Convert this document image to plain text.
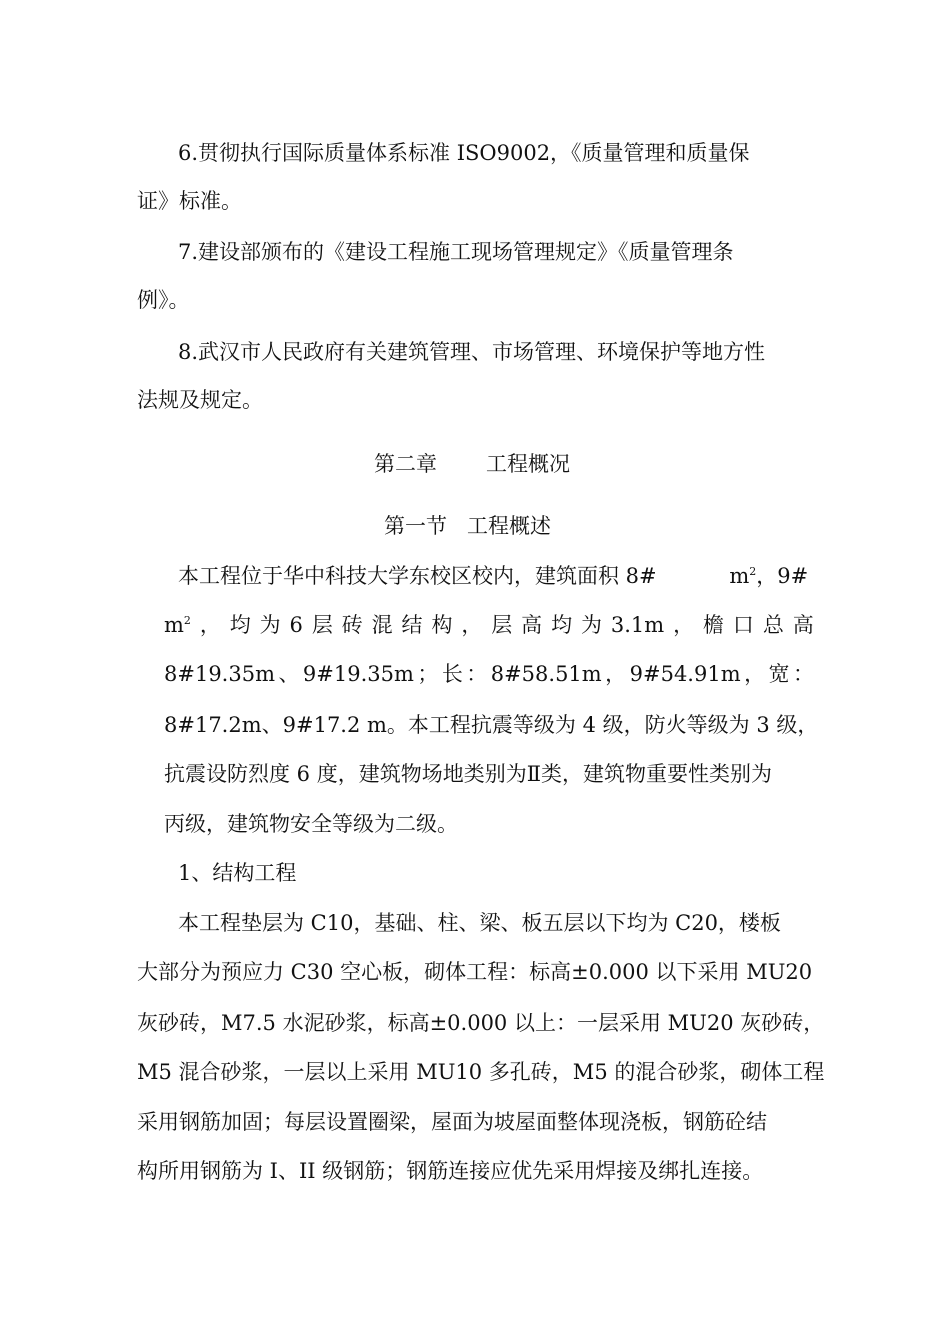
6.贯彻执行国际质量体系标准 ISO9002，《质量管理和质量保
证》标准。
7.建设部颁布的《建设工程施工现场管理规定》《质量管理条
例》。
8.武汉市人民政府有关建筑管理、市场管理、环境保护等地方性
法规及规定。
第二章 工程概况
第一节   工程概述
本工程位于华中科技大学东校区校内，建筑面积 8#	$m^2$，9#
$m^2$ ， 均 为 6 层 砖 混 结 构 ， 层 高 均 为 3.1m ， 檐 口 总 高
8#19.35m 、 9#19.35m ； 长 ： 8#58.51m ， 9#54.91m ， 宽 ：
8#17.2m、9#17.2 m。本工程抗震等级为 4 级，防火等级为 3 级，
抗震设防烈度 6 度，建筑物场地类别为Ⅱ类，建筑物重要性类别为
丙级，建筑物安全等级为二级。
1、结构工程
本工程垫层为 C10，基础、柱、梁、板五层以下均为 C20，楼板
大部分为预应力 C30 空心板，砌体工程：标高±0.000 以下采用 MU20
灰砂砖，M7.5 水泥砂浆，标高±0.000 以上：一层采用 MU20 灰砂砖，
M5 混合砂浆，一层以上采用 MU10 多孔砖，M5 的混合砂浆，砌体工程
采用钢筋加固；每层设置圈梁，屋面为坡屋面整体现浇板，钢筋砼结
构所用钢筋为 I、II 级钢筋；钢筋连接应优先采用焊接及绑扎连接。
